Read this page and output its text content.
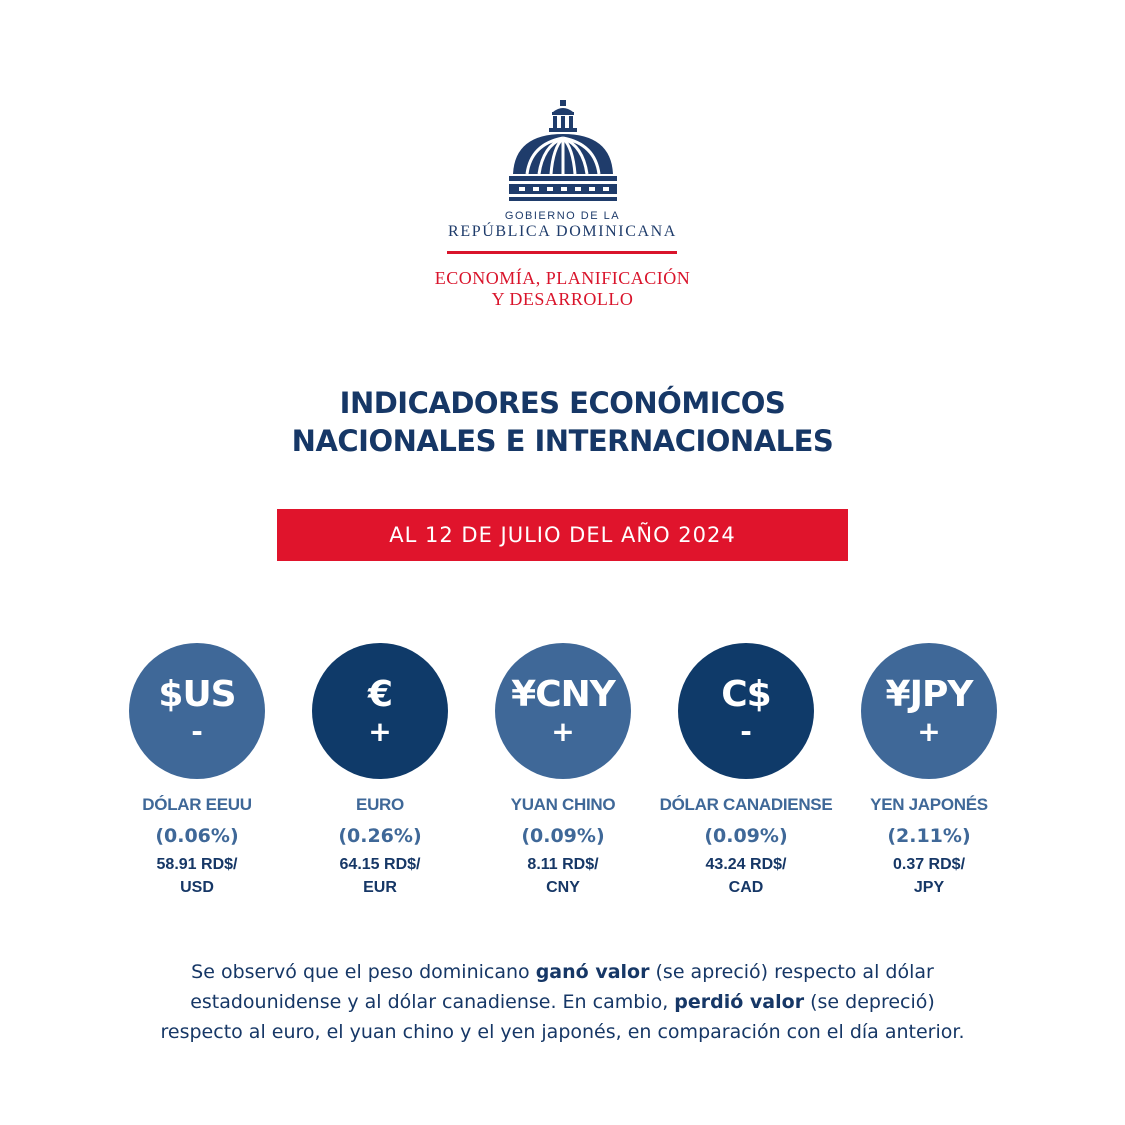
GOBIERNO DE LA
REPÚBLICA DOMINICANA
ECONOMÍA, PLANIFICACIÓN
Y DESARROLLO
INDICADORES ECONÓMICOS
NACIONALES E INTERNACIONALES
AL 12 DE JULIO DEL AÑO 2024
$US
-
DÓLAR EEUU
(0.06%)
58.91 RD$/
USD
€
+
EURO
(0.26%)
64.15 RD$/
EUR
¥CNY
+
YUAN CHINO
(0.09%)
8.11 RD$/
CNY
C$
-
DÓLAR CANADIENSE
(0.09%)
43.24 RD$/
CAD
¥JPY
+
YEN JAPONÉS
(2.11%)
0.37 RD$/
JPY
Se observó que el peso dominicano ganó valor (se apreció) respecto al dólar estadounidense y al dólar canadiense. En cambio, perdió valor (se depreció) respecto al euro, el yuan chino y el yen japonés, en comparación con el día anterior.
